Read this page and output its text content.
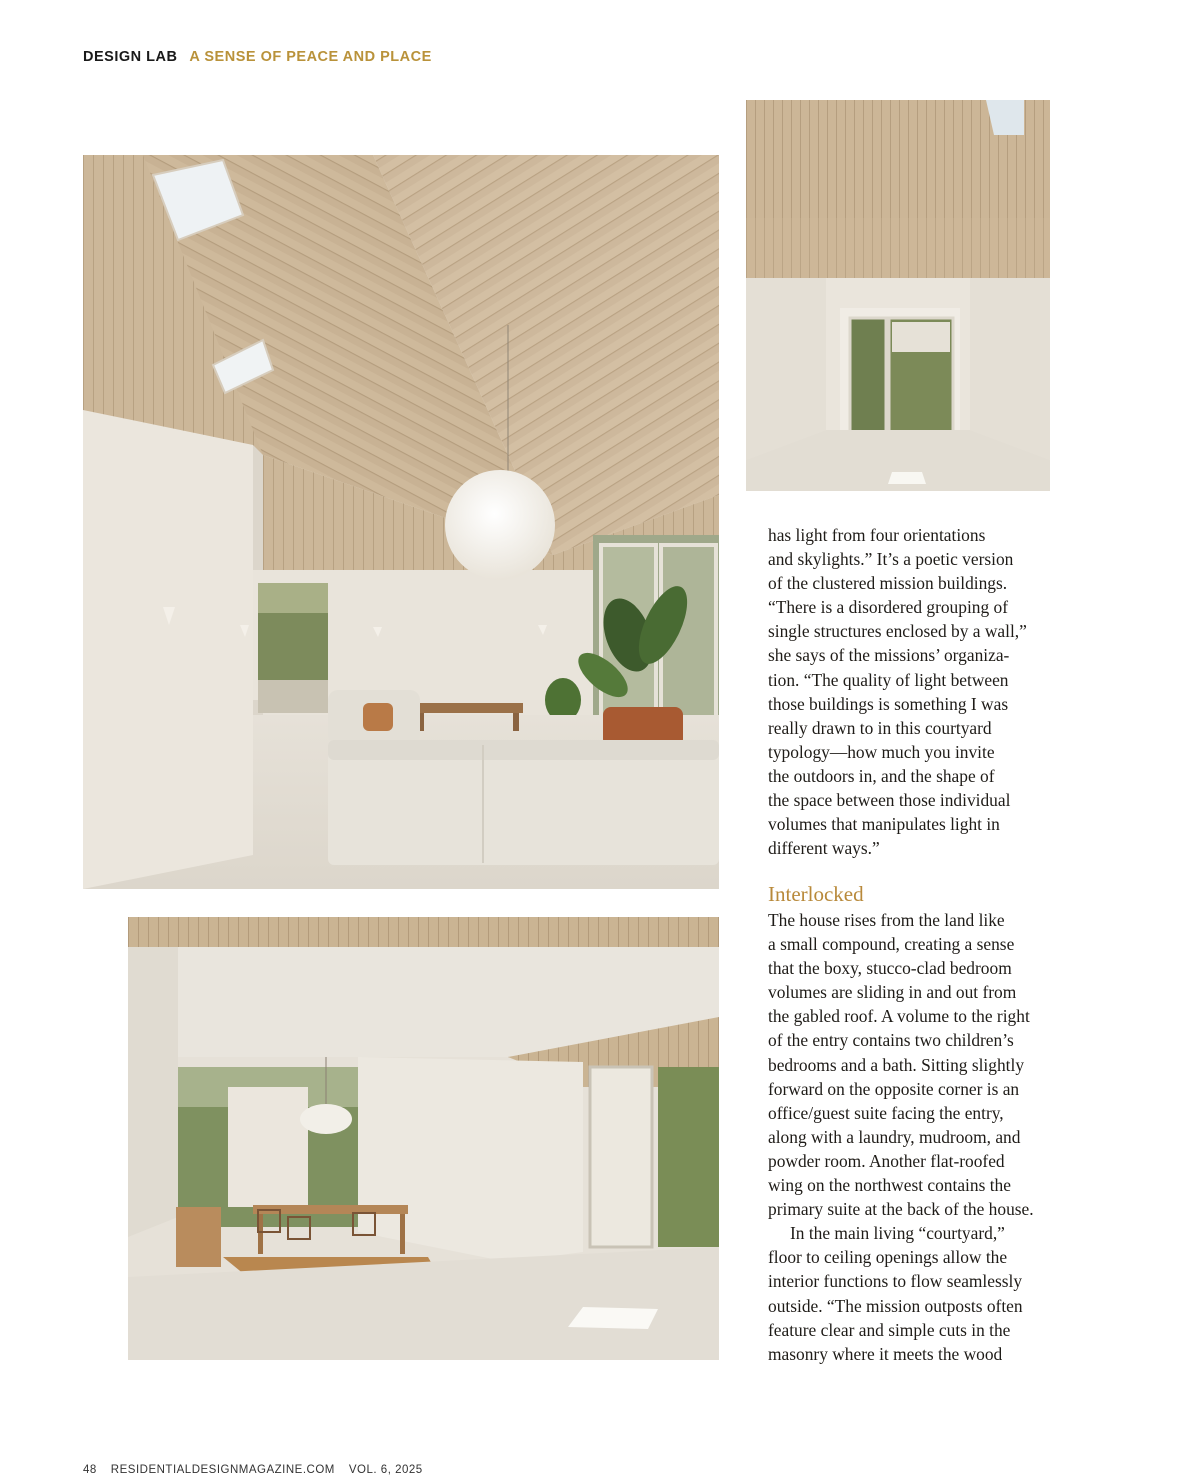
DESIGN LAB A SENSE OF PEACE AND PLACE

has light from four orientations
and skylights.” It’s a poetic version
of the clustered mission buildings.
“There is a disordered grouping of
single structures enclosed by a wall,”
she says of the missions’ organiza-
tion. “The quality of light between
those buildings is something I was
really drawn to in this courtyard
typology—how much you invite
the outdoors in, and the shape of
the space between those individual
volumes that manipulates light in
different ways.”

Interlocked

The house rises from the land like
a small compound, creating a sense
that the boxy, stucco-clad bedroom
volumes are sliding in and out from
the gabled roof. A volume to the right
of the entry contains two children’s
bedrooms and a bath. Sitting slightly
forward on the opposite corner is an
office/guest suite facing the entry,
along with a laundry, mudroom, and
powder room. Another flat-roofed
wing on the northwest contains the
primary suite at the back of the house.

In the main living “courtyard,”
floor to ceiling openings allow the
interior functions to flow seamlessly
outside. “The mission outposts often
feature clear and simple cuts in the
masonry where it meets the wood

48 RESIDENTIALDESIGNMAGAZINE.COM VOL. 6, 2025
